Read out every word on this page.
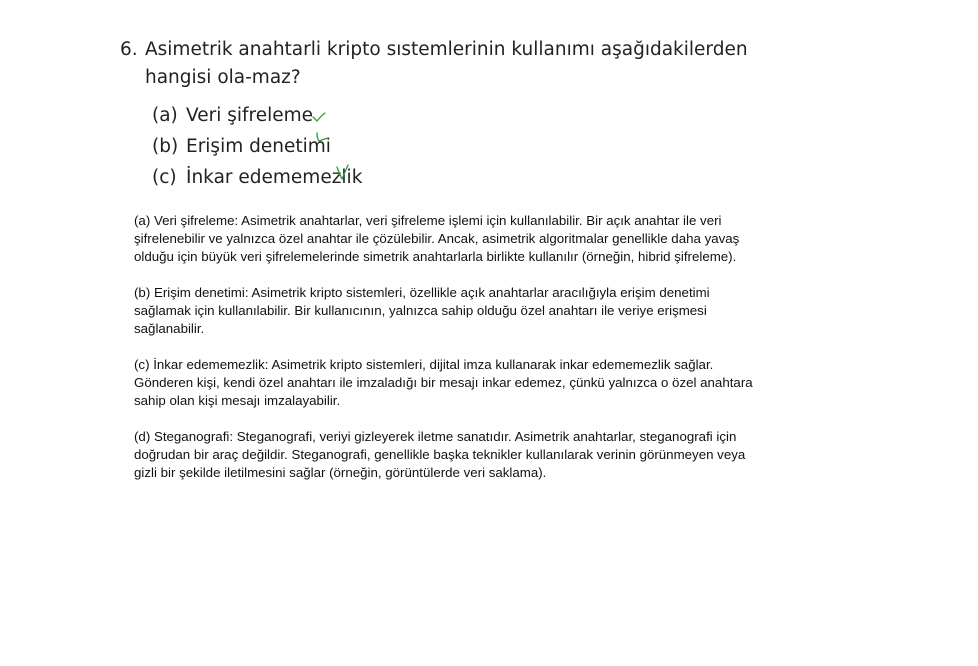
6. Asimetrik anahtarli kripto sıstemlerinin kullanımı aşağıdakilerden hangisi ola-maz?
(a) Veri şifreleme
(b) Erişim denetimi
(c) İnkar edememezlik

(a) Veri şifreleme: Asimetrik anahtarlar, veri şifreleme işlemi için kullanılabilir. Bir açık anahtar ile veri şifrelenebilir ve yalnızca özel anahtar ile çözülebilir. Ancak, asimetrik algoritmalar genellikle daha yavaş olduğu için büyük veri şifrelemelerinde simetrik anahtarlarla birlikte kullanılır (örneğin, hibrid şifreleme).

(b) Erişim denetimi: Asimetrik kripto sistemleri, özellikle açık anahtarlar aracılığıyla erişim denetimi sağlamak için kullanılabilir. Bir kullanıcının, yalnızca sahip olduğu özel anahtarı ile veriye erişmesi sağlanabilir.

(c) İnkar edememezlik: Asimetrik kripto sistemleri, dijital imza kullanarak inkar edememezlik sağlar. Gönderen kişi, kendi özel anahtarı ile imzaladığı bir mesajı inkar edemez, çünkü yalnızca o özel anahtara sahip olan kişi mesajı imzalayabilir.

(d) Steganografi: Steganografi, veriyi gizleyerek iletme sanatıdır. Asimetrik anahtarlar, steganografi için doğrudan bir araç değildir. Steganografi, genellikle başka teknikler kullanılarak verinin görünmeyen veya gizli bir şekilde iletilmesini sağlar (örneğin, görüntülerde veri saklama).
